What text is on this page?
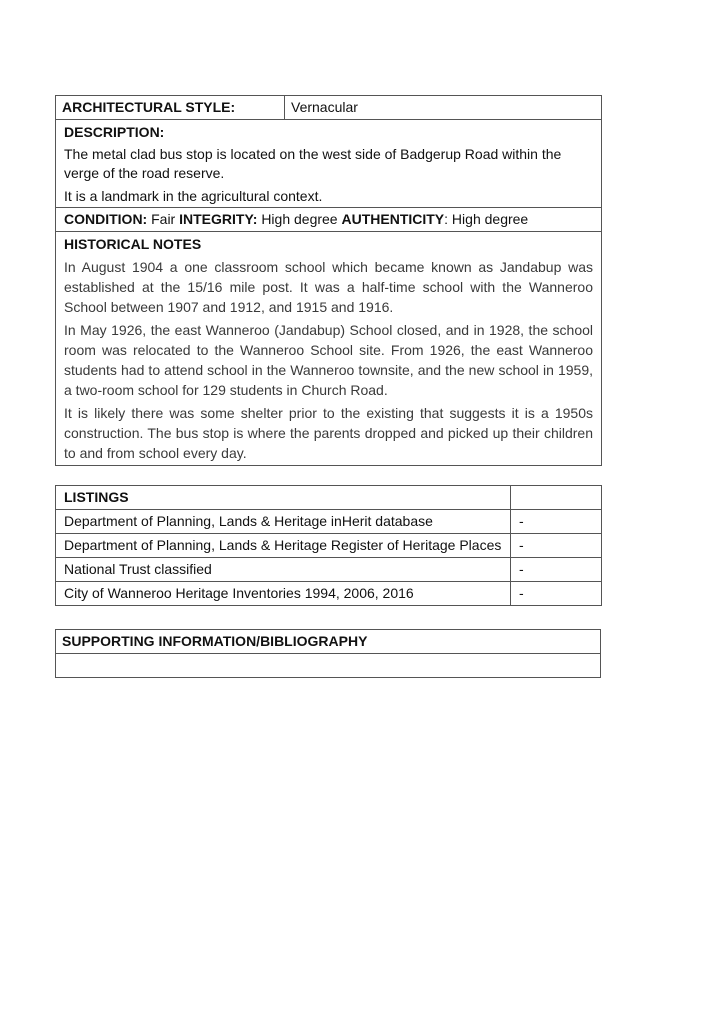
ARCHITECTURAL STYLE:	Vernacular

DESCRIPTION:

The metal clad bus stop is located on the west side of Badgerup Road within the verge of the road reserve.

It is a landmark in the agricultural context.

CONDITION: Fair INTEGRITY: High degree AUTHENTICITY: High degree

HISTORICAL NOTES

In August 1904 a one classroom school which became known as Jandabup was established at the 15/16 mile post. It was a half-time school with the Wanneroo School between 1907 and 1912, and 1915 and 1916.

In May 1926, the east Wanneroo (Jandabup) School closed, and in 1928, the school room was relocated to the Wanneroo School site. From 1926, the east Wanneroo students had to attend school in the Wanneroo townsite, and the new school in 1959, a two-room school for 129 students in Church Road.

It is likely there was some shelter prior to the existing that suggests it is a 1950s construction. The bus stop is where the parents dropped and picked up their children to and from school every day.

LISTINGS	
Department of Planning, Lands & Heritage inHerit database	-
Department of Planning, Lands & Heritage Register of Heritage Places	-
National Trust classified	-
City of Wanneroo Heritage Inventories 1994, 2006, 2016	-
SUPPORTING INFORMATION/BIBLIOGRAPHY
